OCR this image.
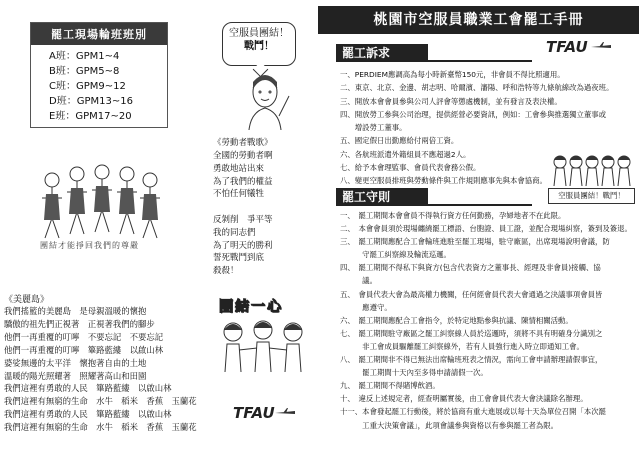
罷工現場輪班班別
A班：GPM1~4
B班：GPM5~8
C班：GPM9~12
D班：GPM13~16
E班：GPM17~20
團結才能掙回我們的尊嚴
《美麗島》
我們搖籃的美麗島　是母親溫暖的懷抱
驕傲的祖先們正視著　正視著我們的腳步
他們一再重覆的叮嚀　不要忘記　不要忘記
他們一再重覆的叮嚀　篳路藍縷　以啟山林
婆娑無邊的太平洋　懷抱著自由的土地
溫暖的陽光照耀著　照耀著高山和田園
我們這裡有勇敢的人民　篳路藍縷　以啟山林
我們這裡有無窮的生命　水牛　稻米　香蕉　玉蘭花
我們這裡有勇敢的人民　篳路藍縷　以啟山林
我們這裡有無窮的生命　水牛　稻米　香蕉　玉蘭花
空服員團結！
戰鬥！
《勞動者戰歌》
全國的勞動者啊
勇敢地站出來
為了我們的權益
不怕任何犧牲

反剝削　爭平等
我的同志們
為了明天的勝利
誓死戰鬥到底
殺殺！
團結一心
TFAU
桃園市空服員職業工會罷工手冊
罷工訴求	TFAU
一、PERDIEM應調高為每小時新臺幣150元，非會員不得比照適用。
二、東京、北京、金邊、胡志明、哈爾濱、瀋陽、呼和浩特等九條航線改為過夜班。
三、開放本會會員參與公司人評會等懲處機制，並有發言及表決權。
四、開放勞工參與公司治理，提供經營必要資訊，例如：工會參與推選獨立董事或
　　增設勞工董事。
五、國定假日出勤應給付兩倍工資。
六、各航班派遣外籍組員不應超過2人。
七、給予本會理監事、會員代表會務公假。
八、變更空服員排班與勞動條件與工作規則應事先與本會協商。
空服員團結！戰鬥！
罷工守則
一、　罷工期間本會會員不得執行資方任何勤務，孕婦地者不在此限。
二、　本會會員須於現場纏繞罷工標語、台胞證、員工證，並配合現場糾察，簽到及簽退。
三、　罷工期間應配合工會輪班進駐至罷工現場，駐守廠區，出席現場說明會議，防
　　　守罷工糾察線及輪流巡邏。
四、　罷工期間不得私下與資方(包含代表資方之董事長、經理及非會員)接觸、協
　　　議。
五、　會員代表大會為最高權力機關，任何經會員代表大會通過之決議事項會員皆
　　　應遵守。
六、　罷工期間應配合工會指令，於特定地點參與抗議、陳情相關活動。
七、　罷工期間駐守廠區之罷工糾察線人員於巡邏時，須將不具有明確身分識別之
　　　非工會成員驅離罷工糾察線外，若有人員強行進入時立即通知工會。
八、　罷工期間非不得已無法出席輪班班表之情況，需向工會申請辦理請假事宜，
　　　罷工期間十天內至多得申請請假一次。
九、　罷工期間不得賭博飲酒。
十、　違反上述規定者，經查明屬實後，由工會會員代表大會決議除名辦理。
十一、本會發起罷工行動後，將於協商有重大進展或以每十天為單位召開「本次罷
　　　工重大決策會議」，此項會議參與資格以有參與罷工者為限。
